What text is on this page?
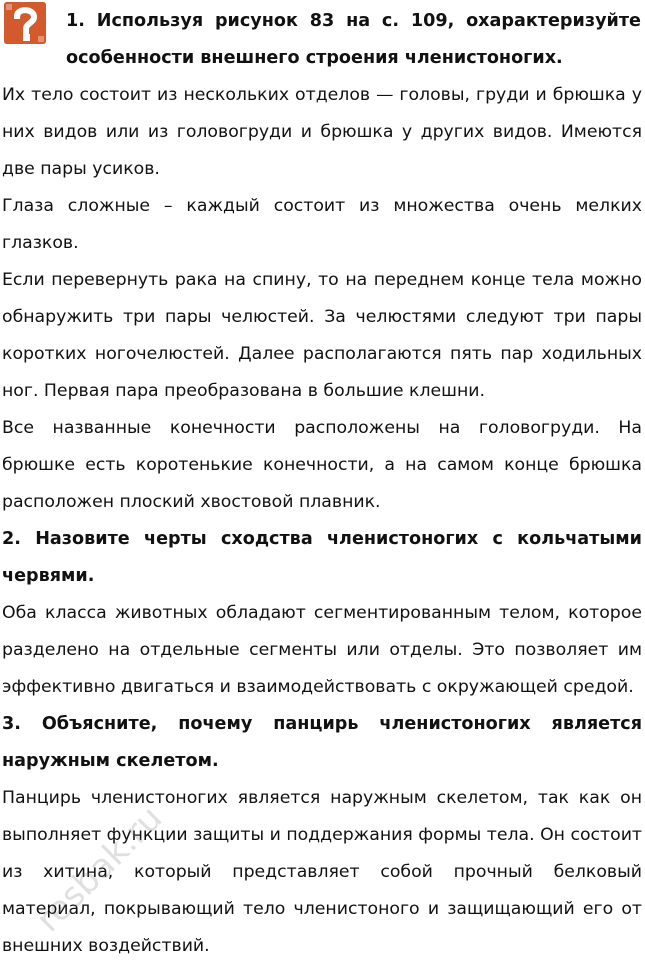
1. Используя рисунок 83 на с. 109, охарактеризуйте особенности внешнего строения членистоногих.

Их тело состоит из нескольких отделов — головы, груди и брюшка у них видов или из головогруди и брюшка у других видов. Имеются две пары усиков.

Глаза сложные – каждый состоит из множества очень мелких глазков.

Если перевернуть рака на спину, то на переднем конце тела можно обнаружить три пары челюстей. За челюстями следуют три пары коротких ногочелюстей. Далее располагаются пять пар ходильных ног. Первая пара преобразована в большие клешни.

Все названные конечности расположены на головогруди. На брюшке есть коротенькие конечности, а на самом конце брюшка расположен плоский хвостовой плавник.

2. Назовите черты сходства членистоногих с кольчатыми червями.

Оба класса животных обладают сегментированным телом, которое разделено на отдельные сегменты или отделы. Это позволяет им эффективно двигаться и взаимодействовать с окружающей средой.

3. Объясните, почему панцирь членистоногих является наружным скелетом.

Панцирь членистоногих является наружным скелетом, так как он выполняет функции защиты и поддержания формы тела. Он состоит из хитина, который представляет собой прочный белковый материал, покрывающий тело членистоного и защищающий его от внешних воздействий.

resbak.ru
